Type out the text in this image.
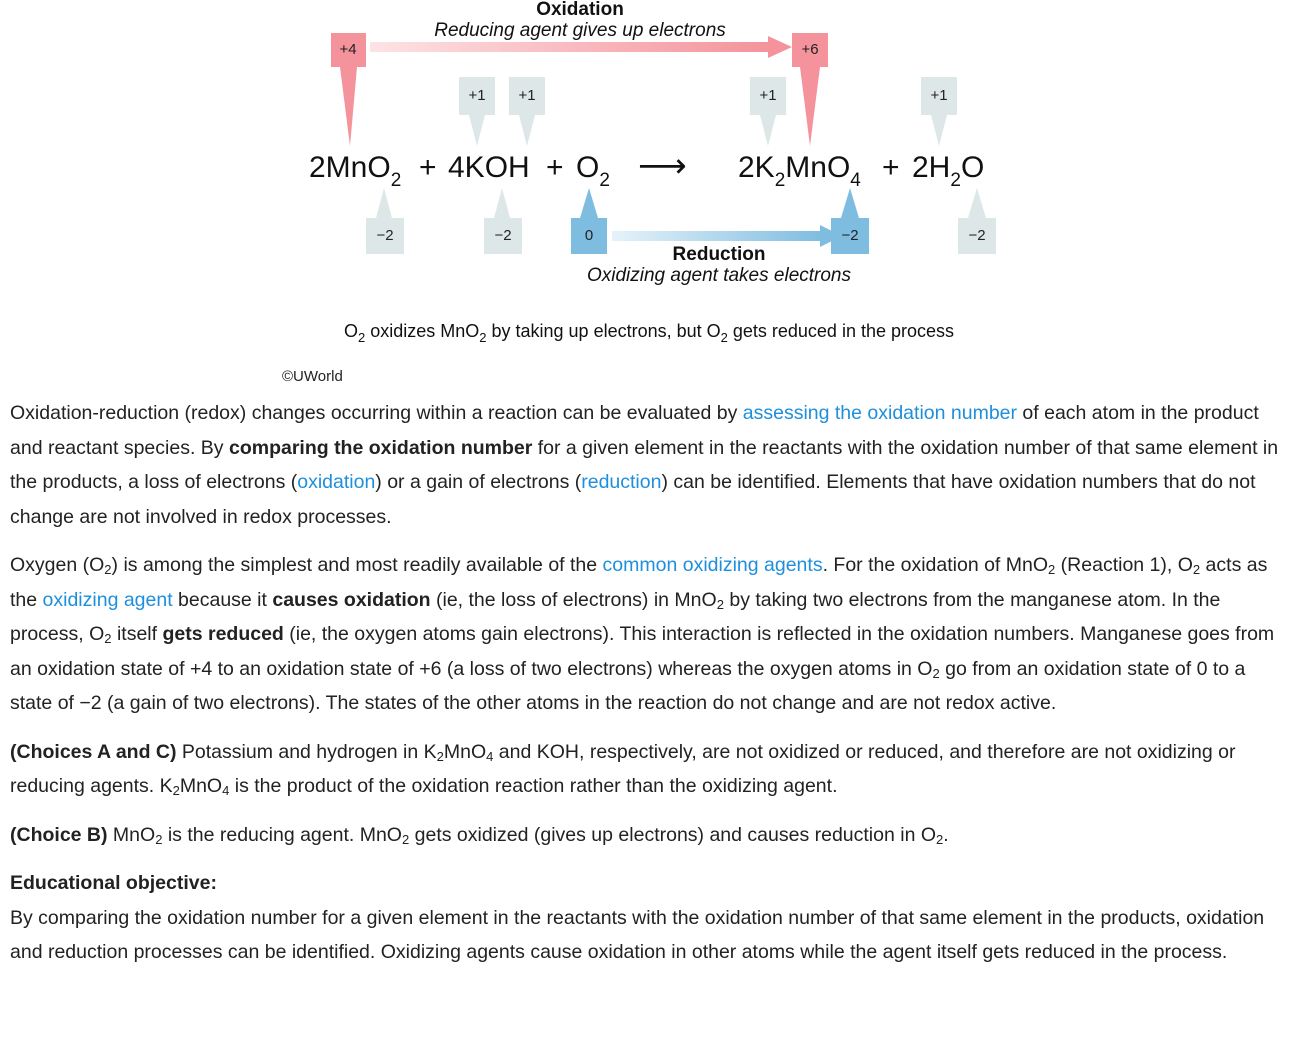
Oxidation
Reducing agent gives up electrons
Reduction
Oxidizing agent takes electrons
+4	+6
+1 +1	+1	+1
−2	−2	0	−2	−2
$2MnO_2 + 4KOH + O_2$ ⟶ $2K_2MnO_4 + 2H_2O$
$O_2$ oxidizes MnO$_2$ by taking up electrons, but $O_2$ gets reduced in the process
©UWorld

Oxidation-reduction (redox) changes occurring within a reaction can be evaluated by assessing the oxidation number of each atom in the product and reactant species. By comparing the oxidation number for a given element in the reactants with the oxidation number of that same element in the products, a loss of electrons (oxidation) or a gain of electrons (reduction) can be identified. Elements that have oxidation numbers that do not change are not involved in redox processes.

Oxygen $(O_2)$ is among the simplest and most readily available of the common oxidizing agents. For the oxidation of MnO$_2$ (Reaction 1), $O_2$ acts as the oxidizing agent because it causes oxidation (ie, the loss of electrons) in MnO$_2$ by taking two electrons from the manganese atom. In the process, $O_2$ itself gets reduced (ie, the oxygen atoms gain electrons). This interaction is reflected in the oxidation numbers. Manganese goes from an oxidation state of +4 to an oxidation state of +6 (a loss of two electrons) whereas the oxygen atoms in $O_2$ go from an oxidation state of 0 to a state of −2 (a gain of two electrons). The states of the other atoms in the reaction do not change and are not redox active.

(Choices A and C) Potassium and hydrogen in $K_2MnO_4$ and KOH, respectively, are not oxidized or reduced, and therefore are not oxidizing or reducing agents. $K_2MnO_4$ is the product of the oxidation reaction rather than the oxidizing agent.

(Choice B) MnO$_2$ is the reducing agent. MnO$_2$ gets oxidized (gives up electrons) and causes reduction in $O_2$.

Educational objective:

By comparing the oxidation number for a given element in the reactants with the oxidation number of that same element in the products, oxidation and reduction processes can be identified. Oxidizing agents cause oxidation in other atoms while the agent itself gets reduced in the process.
